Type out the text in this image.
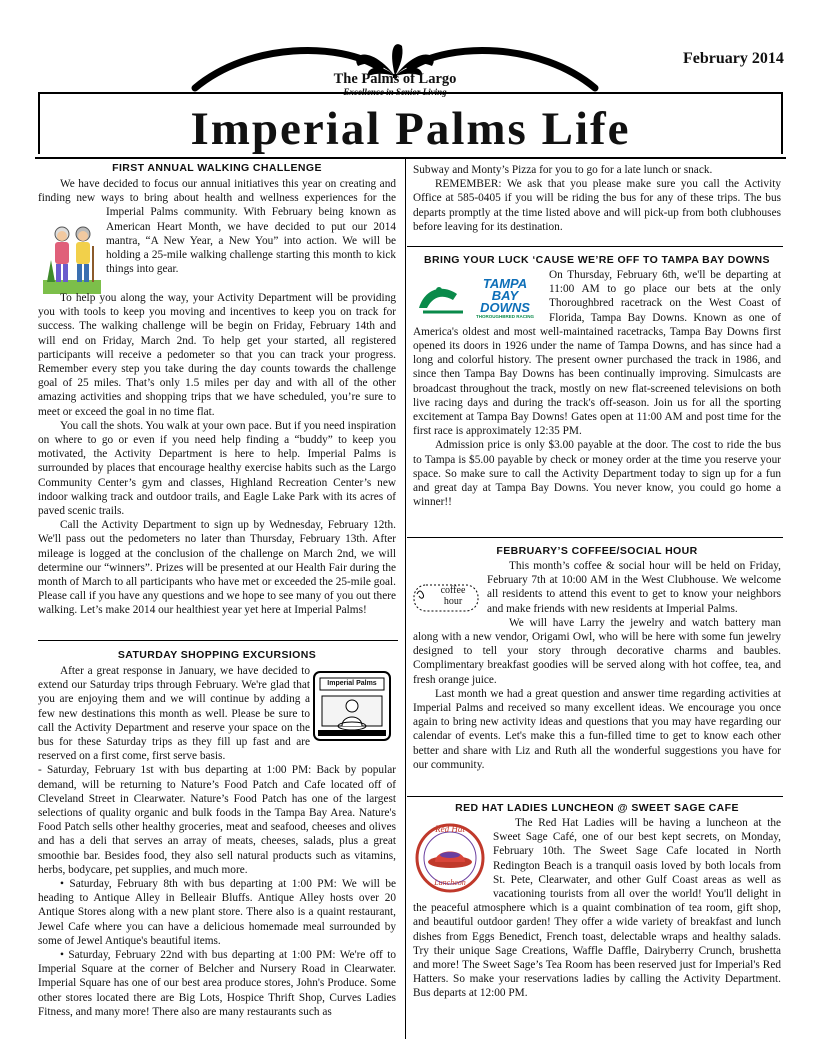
The Palms of Largo
Excellence in Senior Living
February 2014
Imperial Palms Life
FIRST ANNUAL WALKING CHALLENGE

We have decided to focus our annual initiatives this year on creating and finding new ways to bring about health and wellness experiences for the Imperial Palms community. With February being known as American Heart Month, we have decided to put our 2014 mantra, “A New Year, a New You” into action. We will be holding a 25-mile walking challenge starting this month to kick things into gear.

To help you along the way, your Activity Department will be providing you with tools to keep you moving and incentives to keep you on track for success. The walking challenge will be begin on Friday, February 14th and will end on Friday, March 2nd. To help get your started, all registered participants will receive a pedometer so that you can track your progress. Remember every step you take during the day counts towards the challenge goal of 25 miles. That’s only 1.5 miles per day and with all of the other amazing activities and shopping trips that we have scheduled, you’re sure to meet or exceed the goal in no time flat.

You call the shots. You walk at your own pace. But if you need inspiration on where to go or even if you need help finding a “buddy” to keep you motivated, the Activity Department is here to help. Imperial Palms is surrounded by places that encourage healthy exercise habits such as the Largo Community Center’s gym and classes, Highland Recreation Center’s new indoor walking track and outdoor trails, and Eagle Lake Park with its acres of paved scenic trails.

Call the Activity Department to sign up by Wednesday, February 12th. We'll pass out the pedometers no later than Thursday, February 13th. After mileage is logged at the conclusion of the challenge on March 2nd, we will determine our “winners”. Prizes will be presented at our Health Fair during the month of March to all participants who have met or exceeded the 25-mile goal. Please call if you have any questions and we hope to see many of you out there walking. Let’s make 2014 our healthiest year yet here at Imperial Palms!

SATURDAY SHOPPING EXCURSIONS
Imperial Palms

After a great response in January, we have decided to extend our Saturday trips through February. We're glad that you are enjoying them and we will continue by adding a few new destinations this month as well. Please be sure to call the Activity Department and reserve your space on the bus for these Saturday trips as they fill up fast and are reserved on a first come, first serve basis.

- Saturday, February 1st with bus departing at 1:00 PM: Back by popular demand, will be returning to Nature’s Food Patch and Cafe located off of Cleveland Street in Clearwater. Nature’s Food Patch has one of the largest selections of quality organic and bulk foods in the Tampa Bay Area. Nature's Food Patch sells other healthy groceries, meat and seafood, cheeses and olives and has a deli that serves an array of meats, cheeses, salads, plus a great smoothie bar. Besides food, they also sell natural products such as vitamins, herbs, bodycare, pet supplies, and much more.

• Saturday, February 8th with bus departing at 1:00 PM: We will be heading to Antique Alley in Belleair Bluffs. Antique Alley hosts over 20 Antique Stores along with a new plant store. There also is a quaint restaurant, Jewel Cafe where you can have a delicious homemade meal surrounded by some of Jewel Antique's beautiful items.

• Saturday, February 22nd with bus departing at 1:00 PM: We're off to Imperial Square at the corner of Belcher and Nursery Road in Clearwater. Imperial Square has one of our best area produce stores, John's Produce. Some other stores located there are Big Lots, Hospice Thrift Shop, Curves Ladies Fitness, and many more! There also are many restaurants such as

Subway and Monty’s Pizza for you to go for a late lunch or snack.

REMEMBER: We ask that you please make sure you call the Activity Office at 585-0405 if you will be riding the bus for any of these trips. The bus departs promptly at the time listed above and will pick-up from both clubhouses before leaving for its destination.

BRING YOUR LUCK ‘CAUSE WE’RE OFF TO TAMPA BAY DOWNS
TAMPA
BAY
DOWNS
THOROUGHBRED RACING

On Thursday, February 6th, we'll be departing at 11:00 AM to go place our bets at the only Thoroughbred racetrack on the West Coast of Florida, Tampa Bay Downs. Known as one of America's oldest and most well-maintained racetracks, Tampa Bay Downs first opened its doors in 1926 under the name of Tampa Downs, and has since had a long and colorful history. The present owner purchased the track in 1986, and since then Tampa Bay Downs has been continually improving. Simulcasts are broadcast throughout the track, mostly on new flat-screened televisions on both live racing days and during the track's off-season. Join us for all the sporting excitement at Tampa Bay Downs! Gates open at 11:00 AM and post time for the first race is approximately 12:35 PM.

Admission price is only $3.00 payable at the door. The cost to ride the bus to Tampa is $5.00 payable by check or money order at the time you reserve your space. So make sure to call the Activity Department today to sign up for a fun and great day at Tampa Bay Downs. You never know, you could go home a winner!!

FEBRUARY’S COFFEE/SOCIAL HOUR
coffee
hour

This month’s coffee & social hour will be held on Friday, February 7th at 10:00 AM in the West Clubhouse. We welcome all residents to attend this event to get to know your neighbors and make friends with new residents at Imperial Palms.

We will have Larry the jewelry and watch battery man along with a new vendor, Origami Owl, who will be here with some fun jewelry designed to tell your story through decorative charms and baubles. Complimentary breakfast goodies will be served along with hot coffee, tea, and fresh orange juice.

Last month we had a great question and answer time regarding activities at Imperial Palms and received so many excellent ideas. We encourage you once again to bring new activity ideas and questions that you may have regarding our calendar of events. Let's make this a fun-filled time to get to know each other better and share with Liz and Ruth all the wonderful suggestions you have for our community.

RED HAT LADIES LUNCHEON @ SWEET SAGE CAFE
Red Hat
Luncheon

The Red Hat Ladies will be having a luncheon at the Sweet Sage Café, one of our best kept secrets, on Monday, February 10th. The Sweet Sage Cafe located in North Redington Beach is a tranquil oasis loved by both locals from St. Pete, Clearwater, and other Gulf Coast areas as well as vacationing tourists from all over the world! You'll delight in the peaceful atmosphere which is a quaint combination of tea room, gift shop, and beautiful outdoor garden! They offer a wide variety of breakfast and lunch dishes from Eggs Benedict, French toast, delectable wraps and healthy salads. Try their unique Sage Creations, Waffle Daffle, Dairyberry Crunch, brushetta and more! The Sweet Sage’s Tea Room has been reserved just for Imperial's Red Hatters. So make your reservations ladies by calling the Activity Department. Bus departs at 12:00 PM.
